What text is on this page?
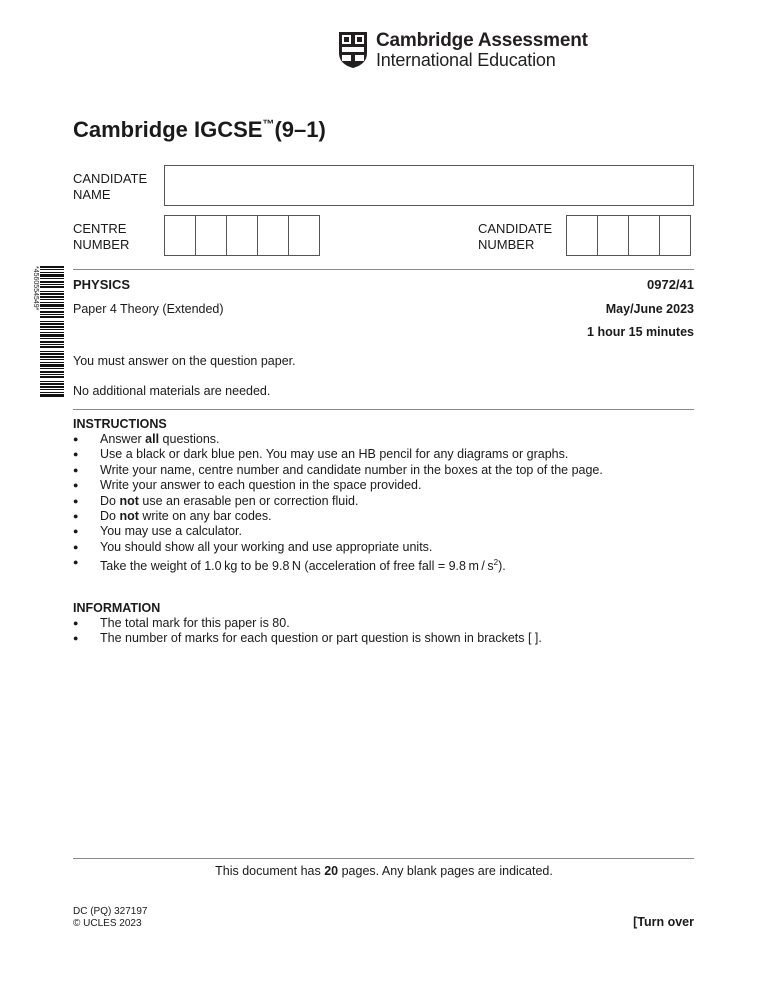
Cambridge Assessment
International Education
Cambridge IGCSE™(9–1)
CANDIDATE
NAME
CENTRE
NUMBER
CANDIDATE
NUMBER
*4560554549*	PHYSICS	0972/41
Paper 4 Theory (Extended)	May/June 2023
1 hour 15 minutes
You must answer on the question paper.
No additional materials are needed.
INSTRUCTIONS
● Answer all questions.
● Use a black or dark blue pen. You may use an HB pencil for any diagrams or graphs.
● Write your name, centre number and candidate number in the boxes at the top of the page.
● Write your answer to each question in the space provided.
● Do not use an erasable pen or correction fluid.
● Do not write on any bar codes.
● You may use a calculator.
● You should show all your working and use appropriate units.
● Take the weight of 1.0 kg to be 9.8 N (acceleration of free fall = 9.8 m / $s^2$).
INFORMATION
● The total mark for this paper is 80.
● The number of marks for each question or part question is shown in brackets [ ].
This document has 20 pages. Any blank pages are indicated.
DC (PQ) 327197
© UCLES 2023	[Turn over
